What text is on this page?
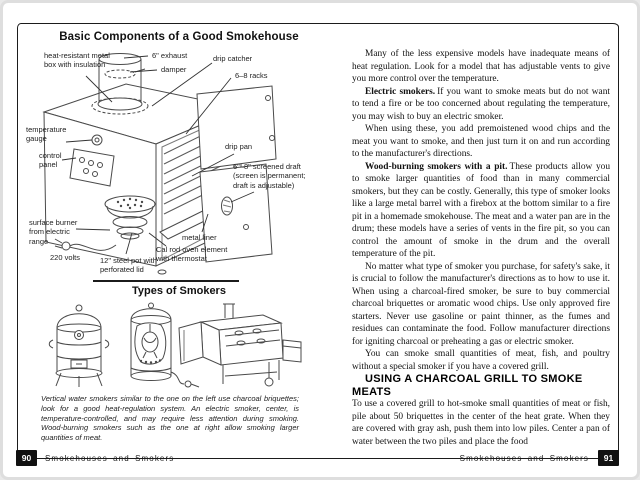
Basic Components of a Good Smokehouse
heat-resistant metal box with insulation
6" exhaust
damper
drip catcher
6–8 racks
temperature gauge
control panel
drip pan
6"–8" screened draft (screen is permanent; draft is adjustable)
surface burner from electric range
220 volts	12" steel pot with perforated lid
Cal rod oven element with thermostat
metal liner
Types of Smokers
Vertical water smokers similar to the one on the left use charcoal briquettes; look for a good heat-regulation system. An electric smoker, center, is temperature-controlled, and may require less attention during smoking. Wood-burning smokers such as the one at right allow smoking larger quantities of meat.
90	Smokehouses and Smokers

Many of the less expensive models have inadequate means of heat regulation. Look for a model that has adjustable vents to give you more control over the temperature.

Electric smokers. If you want to smoke meats but do not want to tend a fire or be too concerned about regulating the temperature, you may wish to buy an electric smoker.

When using these, you add premoistened wood chips and the meat you want to smoke, and then just turn it on and run according to the manufacturer's directions.

Wood-burning smokers with a pit. These products allow you to smoke larger quantities of food than in many commercial smokers, but they can be costly. Generally, this type of smoker looks like a large metal barrel with a firebox at the bottom similar to a fire pit in a homemade smokehouse. The meat and a water pan are in the drum; these models have a series of vents in the fire pit, so you can control the amount of smoke in the drum and the overall temperature of the pit.

No matter what type of smoker you purchase, for safety's sake, it is crucial to follow the manufacturer's directions as to how to use it. When using a charcoal-fired smoker, be sure to buy commercial charcoal briquettes or aromatic wood chips. Use only approved fire starters. Never use gasoline or paint thinner, as the fumes and residues can contaminate the food. Follow manufacturer directions for igniting charcoal or preheating a gas or electric smoker.

You can smoke small quantities of meat, fish, and poultry without a special smoker if you have a covered grill.

USING A CHARCOAL GRILL TO SMOKE MEATS

To use a covered grill to hot-smoke small quantities of meat or fish, pile about 50 briquettes in the center of the heat grate. When they are covered with gray ash, push them into low piles. Center a pan of water between the two piles and place the food

Smokehouses and Smokers	91
